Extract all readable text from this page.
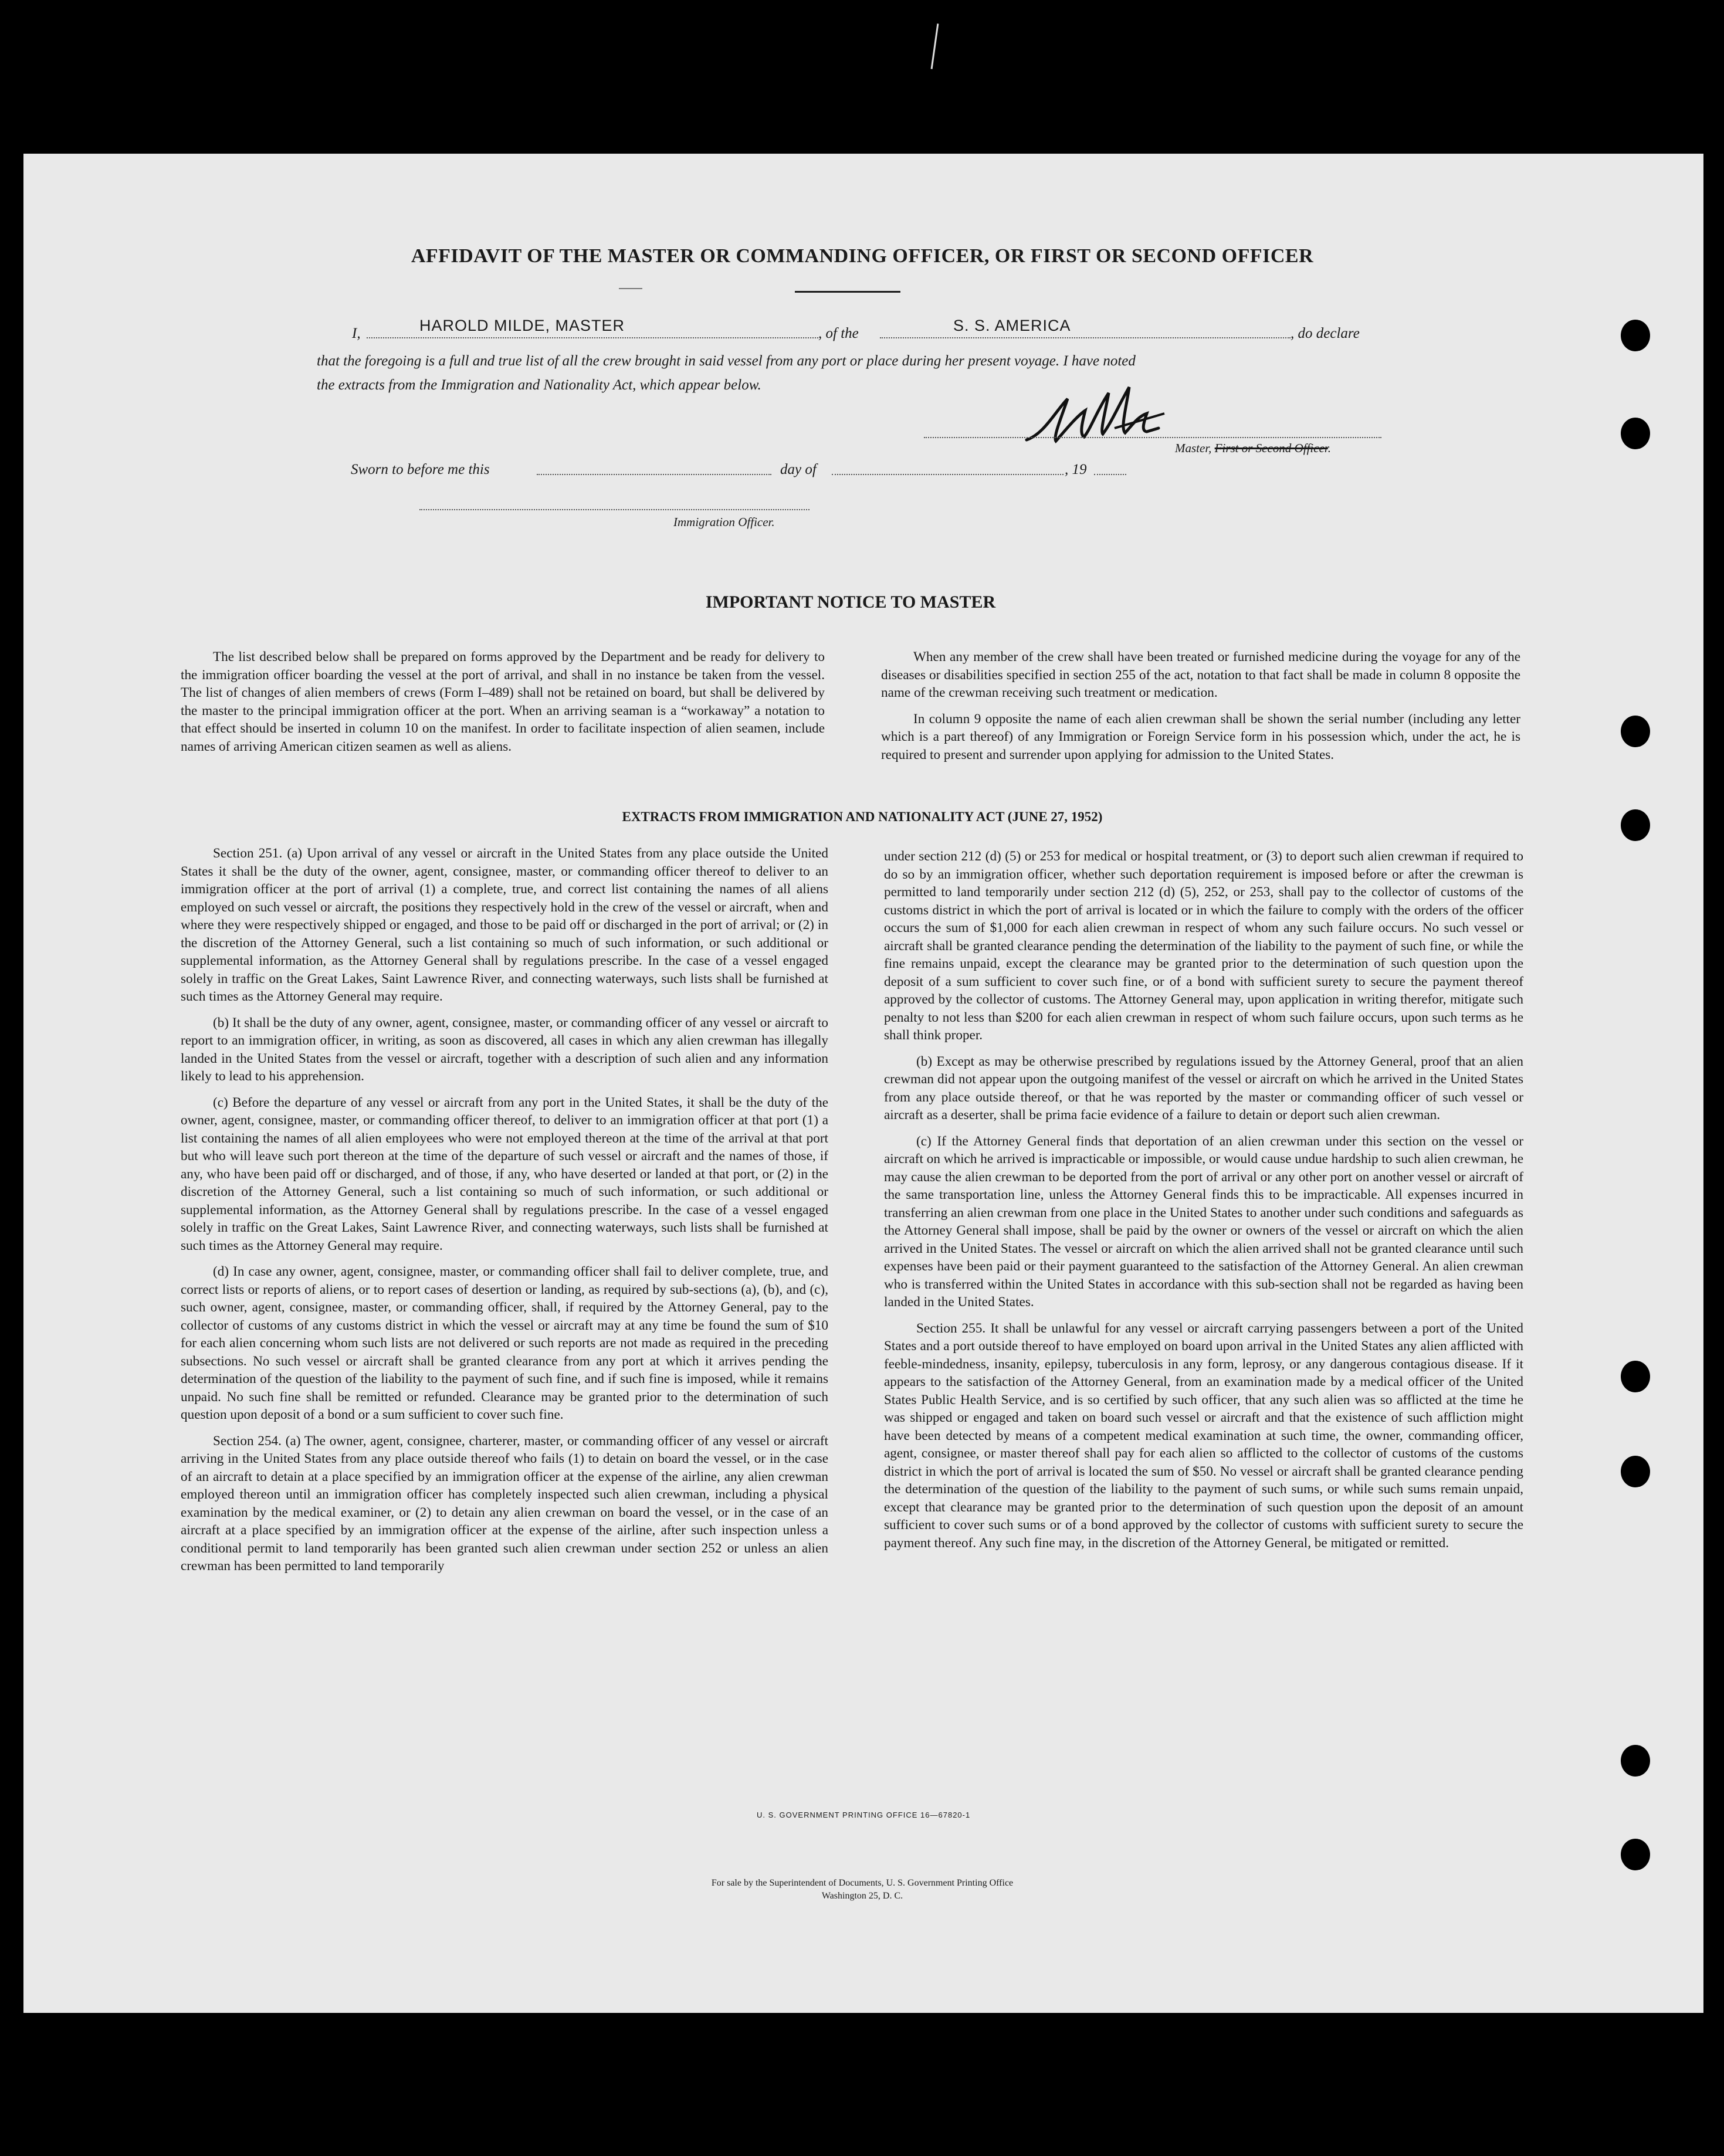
AFFIDAVIT OF THE MASTER OR COMMANDING OFFICER, OR FIRST OR SECOND OFFICER
I,	HAROLD MILDE, MASTER	, of the	S. S. AMERICA	, do declare
that the foregoing is a full and true list of all the crew brought in said vessel from any port or place during her present voyage. I have noted
the extracts from the Immigration and Nationality Act, which appear below.
Master, First or Second Officer.
Sworn to before me this	day of	, 19
Immigration Officer.
IMPORTANT NOTICE TO MASTER

The list described below shall be prepared on forms approved by the Department and be ready for delivery to the immigration officer boarding the vessel at the port of arrival, and shall in no instance be taken from the vessel. The list of changes of alien members of crews (Form I–489) shall not be retained on board, but shall be delivered by the master to the principal immigration officer at the port. When an arriving seaman is a “workaway” a notation to that effect should be inserted in column 10 on the manifest. In order to facilitate inspection of alien seamen, include names of arriving American citizen seamen as well as aliens.

When any member of the crew shall have been treated or furnished medicine during the voyage for any of the diseases or disabilities specified in section 255 of the act, notation to that fact shall be made in column 8 opposite the name of the crewman receiving such treatment or medication.

In column 9 opposite the name of each alien crewman shall be shown the serial number (including any letter which is a part thereof) of any Immigration or Foreign Service form in his possession which, under the act, he is required to present and surrender upon applying for admission to the United States.

EXTRACTS FROM IMMIGRATION AND NATIONALITY ACT (JUNE 27, 1952)

Section 251. (a) Upon arrival of any vessel or aircraft in the United States from any place outside the United States it shall be the duty of the owner, agent, consignee, master, or commanding officer thereof to deliver to an immigration officer at the port of arrival (1) a complete, true, and correct list containing the names of all aliens employed on such vessel or aircraft, the positions they respectively hold in the crew of the vessel or aircraft, when and where they were respectively shipped or engaged, and those to be paid off or discharged in the port of arrival; or (2) in the discretion of the Attorney General, such a list containing so much of such information, or such additional or supplemental information, as the Attorney General shall by regulations prescribe. In the case of a vessel engaged solely in traffic on the Great Lakes, Saint Lawrence River, and connecting waterways, such lists shall be furnished at such times as the Attorney General may require.

(b) It shall be the duty of any owner, agent, consignee, master, or commanding officer of any vessel or aircraft to report to an immigration officer, in writing, as soon as discovered, all cases in which any alien crewman has illegally landed in the United States from the vessel or aircraft, together with a description of such alien and any information likely to lead to his apprehension.

(c) Before the departure of any vessel or aircraft from any port in the United States, it shall be the duty of the owner, agent, consignee, master, or commanding officer thereof, to deliver to an immigration officer at that port (1) a list containing the names of all alien employees who were not employed thereon at the time of the arrival at that port but who will leave such port thereon at the time of the departure of such vessel or aircraft and the names of those, if any, who have been paid off or discharged, and of those, if any, who have deserted or landed at that port, or (2) in the discretion of the Attorney General, such a list containing so much of such information, or such additional or supplemental information, as the Attorney General shall by regulations prescribe. In the case of a vessel engaged solely in traffic on the Great Lakes, Saint Lawrence River, and connecting waterways, such lists shall be furnished at such times as the Attorney General may require.

(d) In case any owner, agent, consignee, master, or commanding officer shall fail to deliver complete, true, and correct lists or reports of aliens, or to report cases of desertion or landing, as required by sub-sections (a), (b), and (c), such owner, agent, consignee, master, or commanding officer, shall, if required by the Attorney General, pay to the collector of customs of any customs district in which the vessel or aircraft may at any time be found the sum of $10 for each alien concerning whom such lists are not delivered or such reports are not made as required in the preceding subsections. No such vessel or aircraft shall be granted clearance from any port at which it arrives pending the determination of the question of the liability to the payment of such fine, and if such fine is imposed, while it remains unpaid. No such fine shall be remitted or refunded. Clearance may be granted prior to the determination of such question upon deposit of a bond or a sum sufficient to cover such fine.

Section 254. (a) The owner, agent, consignee, charterer, master, or commanding officer of any vessel or aircraft arriving in the United States from any place outside thereof who fails (1) to detain on board the vessel, or in the case of an aircraft to detain at a place specified by an immigration officer at the expense of the airline, any alien crewman employed thereon until an immigration officer has completely inspected such alien crewman, including a physical examination by the medical examiner, or (2) to detain any alien crewman on board the vessel, or in the case of an aircraft at a place specified by an immigration officer at the expense of the airline, after such inspection unless a conditional permit to land temporarily has been granted such alien crewman under section 252 or unless an alien crewman has been permitted to land temporarily

under section 212 (d) (5) or 253 for medical or hospital treatment, or (3) to deport such alien crewman if required to do so by an immigration officer, whether such deportation requirement is imposed before or after the crewman is permitted to land temporarily under section 212 (d) (5), 252, or 253, shall pay to the collector of customs of the customs district in which the port of arrival is located or in which the failure to comply with the orders of the officer occurs the sum of $1,000 for each alien crewman in respect of whom any such failure occurs. No such vessel or aircraft shall be granted clearance pending the determination of the liability to the payment of such fine, or while the fine remains unpaid, except the clearance may be granted prior to the determination of such question upon the deposit of a sum sufficient to cover such fine, or of a bond with sufficient surety to secure the payment thereof approved by the collector of customs. The Attorney General may, upon application in writing therefor, mitigate such penalty to not less than $200 for each alien crewman in respect of whom such failure occurs, upon such terms as he shall think proper.

(b) Except as may be otherwise prescribed by regulations issued by the Attorney General, proof that an alien crewman did not appear upon the outgoing manifest of the vessel or aircraft on which he arrived in the United States from any place outside thereof, or that he was reported by the master or commanding officer of such vessel or aircraft as a deserter, shall be prima facie evidence of a failure to detain or deport such alien crewman.

(c) If the Attorney General finds that deportation of an alien crewman under this section on the vessel or aircraft on which he arrived is impracticable or impossible, or would cause undue hardship to such alien crewman, he may cause the alien crewman to be deported from the port of arrival or any other port on another vessel or aircraft of the same transportation line, unless the Attorney General finds this to be impracticable. All expenses incurred in transferring an alien crewman from one place in the United States to another under such conditions and safeguards as the Attorney General shall impose, shall be paid by the owner or owners of the vessel or aircraft on which the alien arrived in the United States. The vessel or aircraft on which the alien arrived shall not be granted clearance until such expenses have been paid or their payment guaranteed to the satisfaction of the Attorney General. An alien crewman who is transferred within the United States in accordance with this sub-section shall not be regarded as having been landed in the United States.

Section 255. It shall be unlawful for any vessel or aircraft carrying passengers between a port of the United States and a port outside thereof to have employed on board upon arrival in the United States any alien afflicted with feeble-mindedness, insanity, epilepsy, tuberculosis in any form, leprosy, or any dangerous contagious disease. If it appears to the satisfaction of the Attorney General, from an examination made by a medical officer of the United States Public Health Service, and is so certified by such officer, that any such alien was so afflicted at the time he was shipped or engaged and taken on board such vessel or aircraft and that the existence of such affliction might have been detected by means of a competent medical examination at such time, the owner, commanding officer, agent, consignee, or master thereof shall pay for each alien so afflicted to the collector of customs of the customs district in which the port of arrival is located the sum of $50. No vessel or aircraft shall be granted clearance pending the determination of the question of the liability to the payment of such sums, or while such sums remain unpaid, except that clearance may be granted prior to the determination of such question upon the deposit of an amount sufficient to cover such sums or of a bond approved by the collector of customs with sufficient surety to secure the payment thereof. Any such fine may, in the discretion of the Attorney General, be mitigated or remitted.

U. S. GOVERNMENT PRINTING OFFICE 16—67820-1
For sale by the Superintendent of Documents, U. S. Government Printing Office
Washington 25, D. C.
